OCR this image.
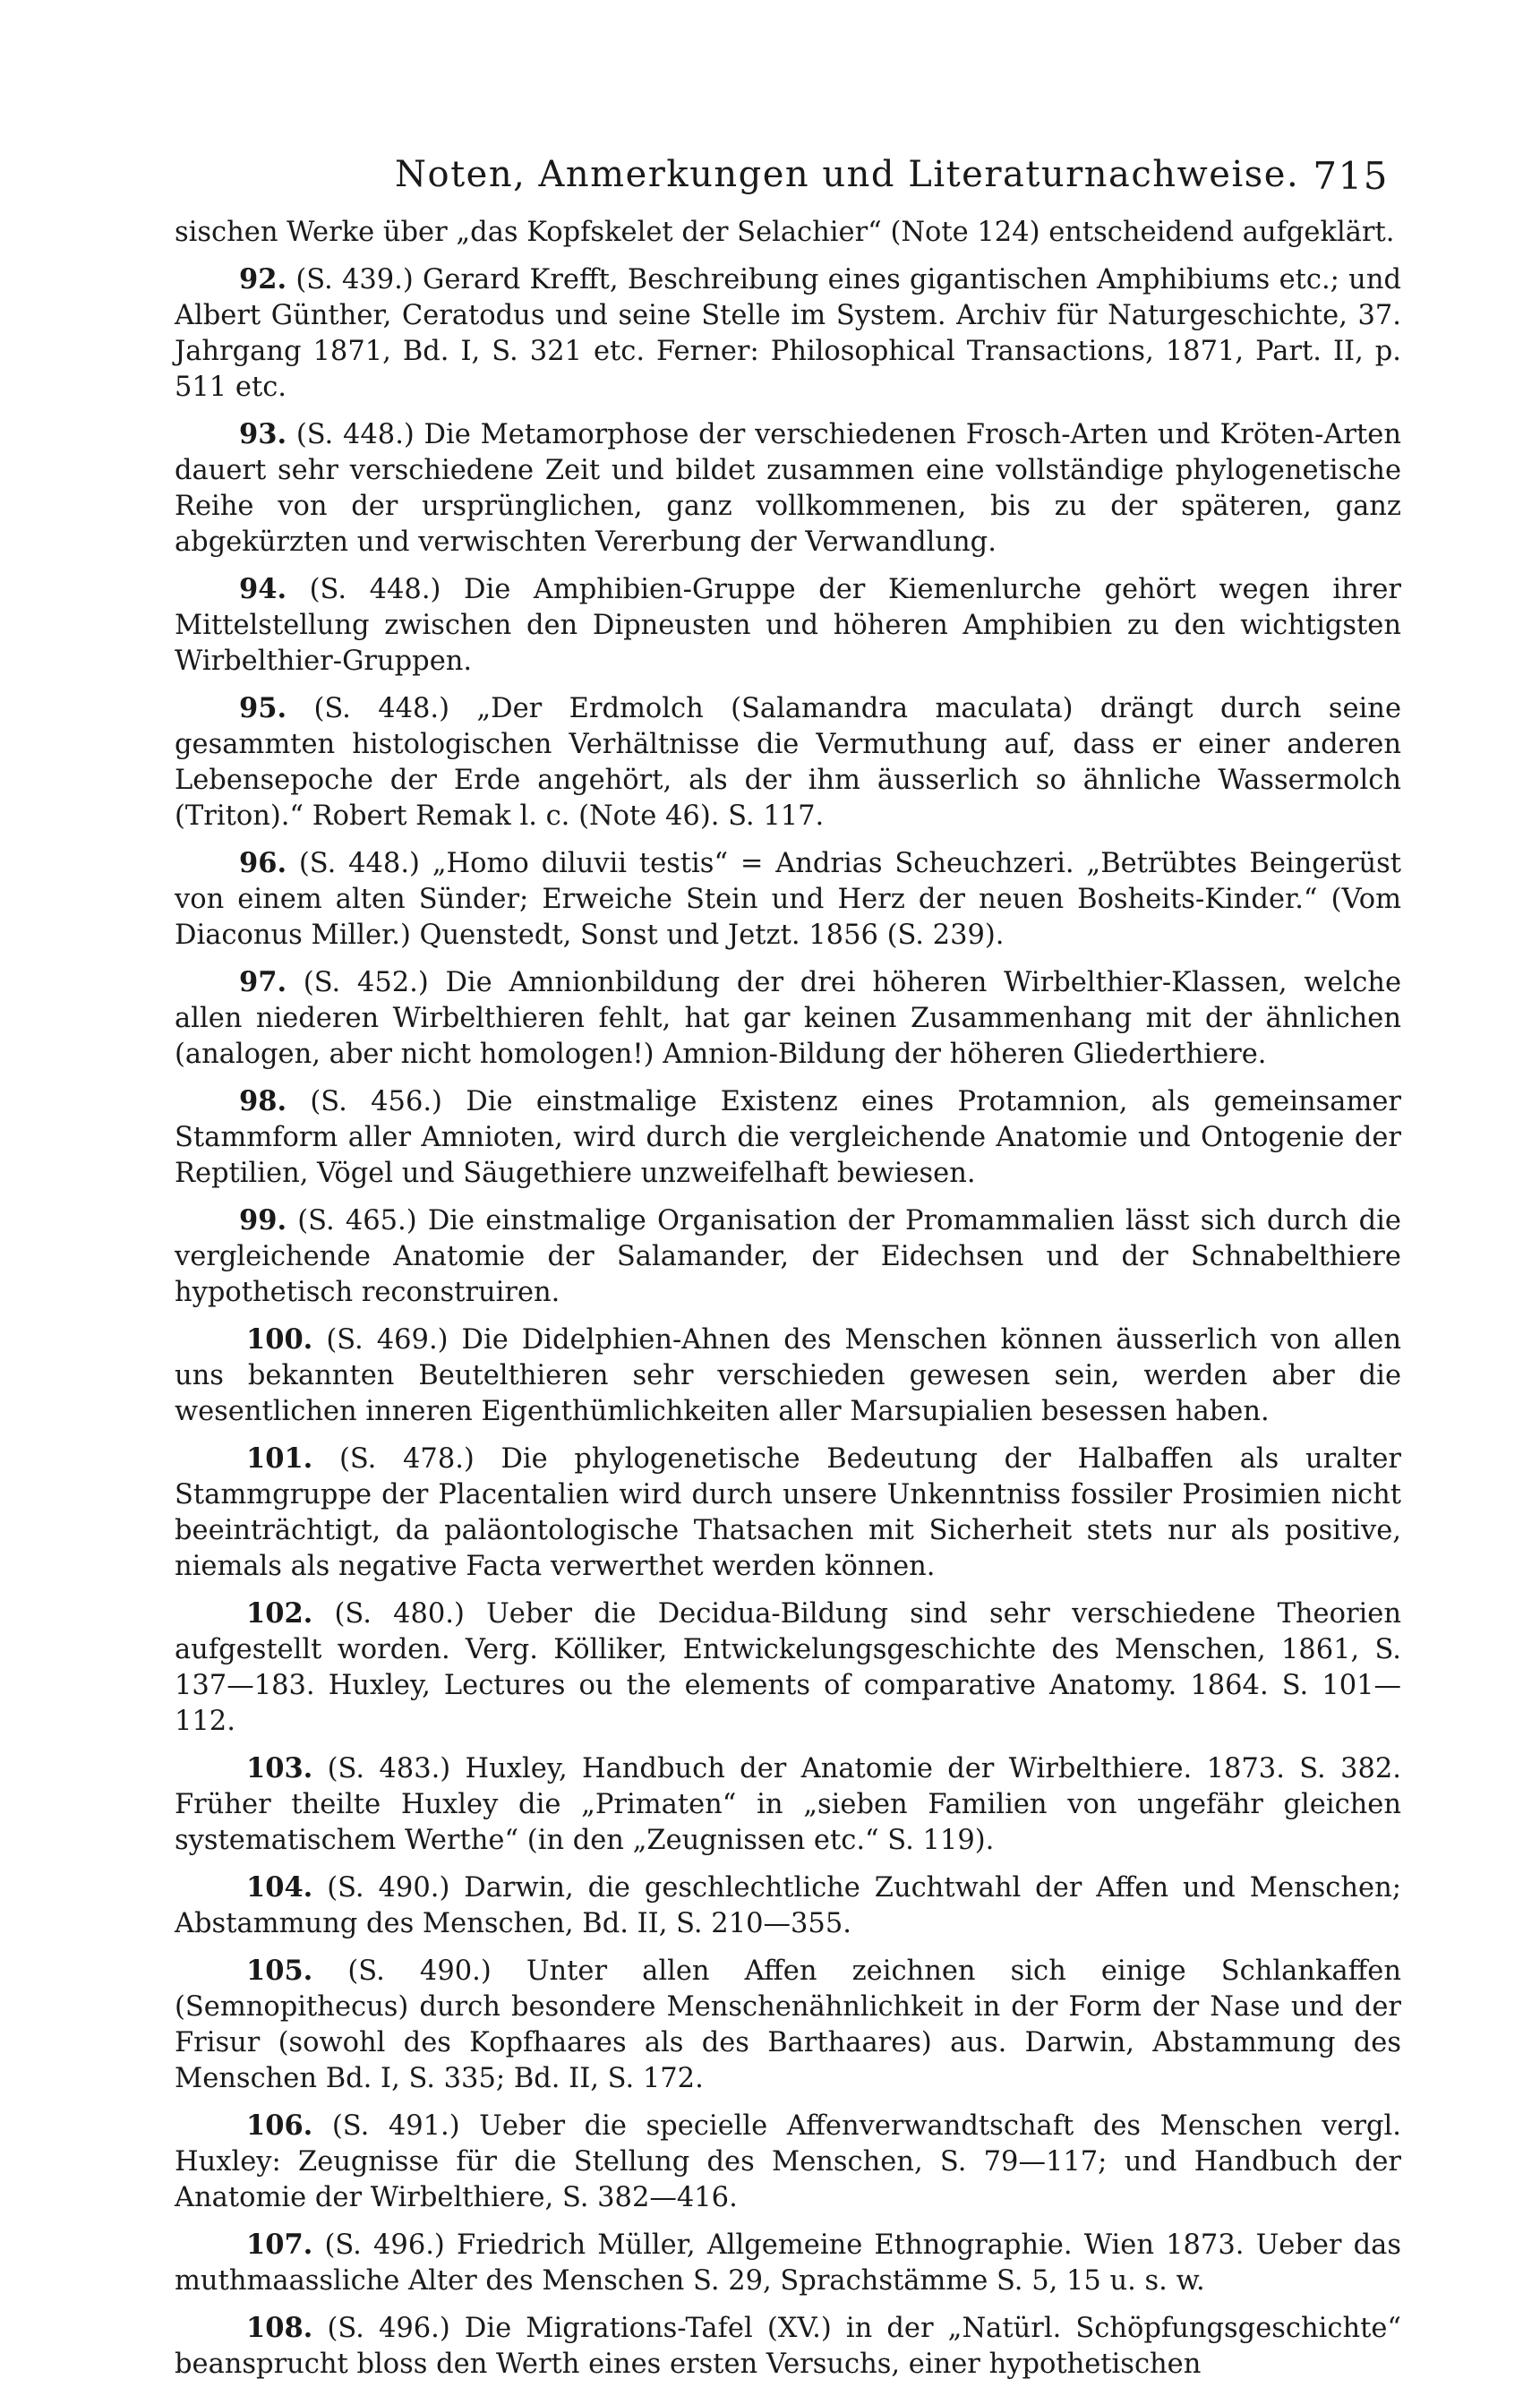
Noten, Anmerkungen und Literaturnachweise. 715

sischen Werke über „das Kopfskelet der Selachier“ (Note 124) entscheidend aufgeklärt.

92. (S. 439.) Gerard Krefft, Beschreibung eines gigantischen Amphibiums etc.; und Albert Günther, Ceratodus und seine Stelle im System. Archiv für Naturgeschichte, 37. Jahrgang 1871, Bd. I, S. 321 etc. Ferner: Philosophical Transactions, 1871, Part. II, p. 511 etc.

93. (S. 448.) Die Metamorphose der verschiedenen Frosch-Arten und Kröten-Arten dauert sehr verschiedene Zeit und bildet zusammen eine vollständige phylogenetische Reihe von der ursprünglichen, ganz vollkommenen, bis zu der späteren, ganz abgekürzten und verwischten Vererbung der Verwandlung.

94. (S. 448.) Die Amphibien-Gruppe der Kiemenlurche gehört wegen ihrer Mittelstellung zwischen den Dipneusten und höheren Amphibien zu den wichtigsten Wirbelthier-Gruppen.

95. (S. 448.) „Der Erdmolch (Salamandra maculata) drängt durch seine gesammten histologischen Verhältnisse die Vermuthung auf, dass er einer anderen Lebensepoche der Erde angehört, als der ihm äusserlich so ähnliche Wassermolch (Triton).“ Robert Remak l. c. (Note 46). S. 117.

96. (S. 448.) „Homo diluvii testis“ = Andrias Scheuchzeri. „Betrübtes Beingerüst von einem alten Sünder; Erweiche Stein und Herz der neuen Bosheits-Kinder.“ (Vom Diaconus Miller.) Quenstedt, Sonst und Jetzt. 1856 (S. 239).

97. (S. 452.) Die Amnionbildung der drei höheren Wirbelthier-Klassen, welche allen niederen Wirbelthieren fehlt, hat gar keinen Zusammenhang mit der ähnlichen (analogen, aber nicht homologen!) Amnion-Bildung der höheren Gliederthiere.

98. (S. 456.) Die einstmalige Existenz eines Protamnion, als gemeinsamer Stammform aller Amnioten, wird durch die vergleichende Anatomie und Ontogenie der Reptilien, Vögel und Säugethiere unzweifelhaft bewiesen.

99. (S. 465.) Die einstmalige Organisation der Promammalien lässt sich durch die vergleichende Anatomie der Salamander, der Eidechsen und der Schnabelthiere hypothetisch reconstruiren.

100. (S. 469.) Die Didelphien-Ahnen des Menschen können äusserlich von allen uns bekannten Beutelthieren sehr verschieden gewesen sein, werden aber die wesentlichen inneren Eigenthümlichkeiten aller Marsupialien besessen haben.

101. (S. 478.) Die phylogenetische Bedeutung der Halbaffen als uralter Stammgruppe der Placentalien wird durch unsere Unkenntniss fossiler Prosimien nicht beeinträchtigt, da paläontologische Thatsachen mit Sicherheit stets nur als positive, niemals als negative Facta verwerthet werden können.

102. (S. 480.) Ueber die Decidua-Bildung sind sehr verschiedene Theorien aufgestellt worden. Verg. Kölliker, Entwickelungsgeschichte des Menschen, 1861, S. 137—183. Huxley, Lectures ou the elements of comparative Anatomy. 1864. S. 101—112.

103. (S. 483.) Huxley, Handbuch der Anatomie der Wirbelthiere. 1873. S. 382. Früher theilte Huxley die „Primaten“ in „sieben Familien von ungefähr gleichen systematischem Werthe“ (in den „Zeugnissen etc.“ S. 119).

104. (S. 490.) Darwin, die geschlechtliche Zuchtwahl der Affen und Menschen; Abstammung des Menschen, Bd. II, S. 210—355.

105. (S. 490.) Unter allen Affen zeichnen sich einige Schlankaffen (Semnopithecus) durch besondere Menschenähnlichkeit in der Form der Nase und der Frisur (sowohl des Kopfhaares als des Barthaares) aus. Darwin, Abstammung des Menschen Bd. I, S. 335; Bd. II, S. 172.

106. (S. 491.) Ueber die specielle Affenverwandtschaft des Menschen vergl. Huxley: Zeugnisse für die Stellung des Menschen, S. 79—117; und Handbuch der Anatomie der Wirbelthiere, S. 382—416.

107. (S. 496.) Friedrich Müller, Allgemeine Ethnographie. Wien 1873. Ueber das muthmaassliche Alter des Menschen S. 29, Sprachstämme S. 5, 15 u. s. w.

108. (S. 496.) Die Migrations-Tafel (XV.) in der „Natürl. Schöpfungsgeschichte“ beansprucht bloss den Werth eines ersten Versuchs, einer hypothetischen
